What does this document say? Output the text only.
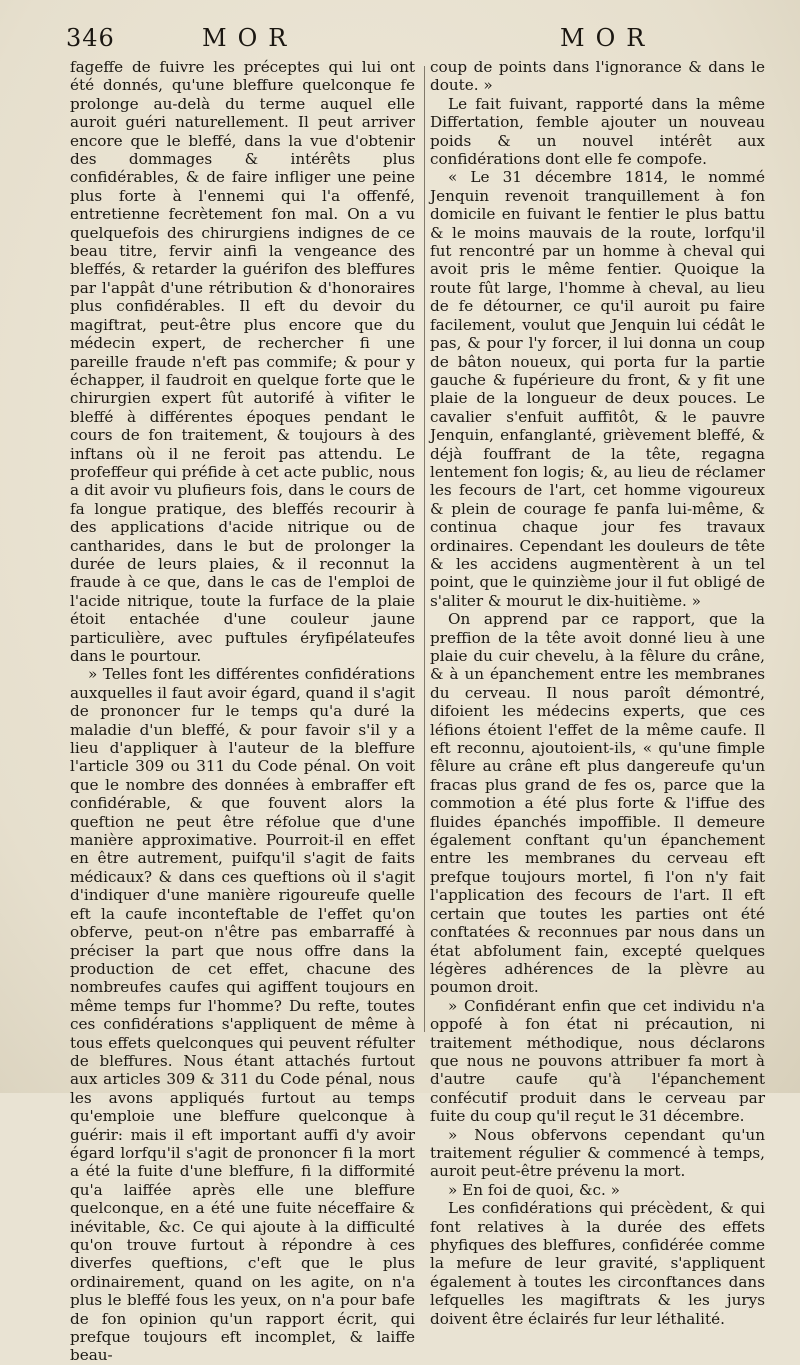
346	MOR	MOR

fageffe de fuivre les préceptes qui lui ont été donnés, qu'une bleffure quelconque fe prolonge au-delà du terme auquel elle auroit guéri naturellement. Il peut arriver encore que le bleffé, dans la vue d'obtenir des dommages & intérêts plus confidérables, & de faire infliger une peine plus forte à l'ennemi qui l'a offenfé, entretienne fecrètement fon mal. On a vu quelquefois des chirurgiens indignes de ce beau titre, fervir ainfi la vengeance des bleffés, & retarder la guérifon des bleffures par l'appât d'une rétribution & d'honoraires plus confidérables. Il eft du devoir du magiftrat, peut-être plus encore que du médecin expert, de rechercher fi une pareille fraude n'eft pas commife; & pour y échapper, il faudroit en quelque forte que le chirurgien expert fût autorifé à vifiter le bleffé à différentes époques pendant le cours de fon traitement, & toujours à des inftans où il ne feroit pas attendu. Le profeffeur qui préfide à cet acte public, nous a dit avoir vu plufieurs fois, dans le cours de fa longue pratique, des bleffés recourir à des applications d'acide nitrique ou de cantharides, dans le but de prolonger la durée de leurs plaies, & il reconnut la fraude à ce que, dans le cas de l'emploi de l'acide nitrique, toute la furface de la plaie étoit entachée d'une couleur jaune particulière, avec puftules éryfipélateufes dans le pourtour.

» Telles font les différentes confidérations auxquelles il faut avoir égard, quand il s'agit de prononcer fur le temps qu'a duré la maladie d'un bleffé, & pour favoir s'il y a lieu d'appliquer à l'auteur de la bleffure l'article 309 ou 311 du Code pénal. On voit que le nombre des données à embraffer eft confidérable, & que fouvent alors la queftion ne peut être réfolue que d'une manière approximative. Pourroit-il en effet en être autrement, puifqu'il s'agit de faits médicaux? & dans ces queftions où il s'agit d'indiquer d'une manière rigoureufe quelle eft la caufe inconteftable de l'effet qu'on obferve, peut-on n'être pas embarraffé à préciser la part que nous offre dans la production de cet effet, chacune des nombreufes caufes qui agiffent toujours en même temps fur l'homme? Du refte, toutes ces confidérations s'appliquent de même à tous effets quelconques qui peuvent réfulter de bleffures. Nous étant attachés furtout aux articles 309 & 311 du Code pénal, nous les avons appliqués furtout au temps qu'emploie une bleffure quelconque à guérir: mais il eft important auffi d'y avoir égard lorfqu'il s'agit de prononcer fi la mort a été la fuite d'une bleffure, fi la difformité qu'a laiffée après elle une bleffure quelconque, en a été une fuite néceffaire & inévitable, &c. Ce qui ajoute à la difficulté qu'on trouve furtout à répondre à ces diverfes queftions, c'eft que le plus ordinairement, quand on les agite, on n'a plus le bleffé fous les yeux, on n'a pour bafe de fon opinion qu'un rapport écrit, qui prefque toujours eft incomplet, & laiffe beau-

coup de points dans l'ignorance & dans le doute. »

Le fait fuivant, rapporté dans la même Differtation, femble ajouter un nouveau poids & un nouvel intérêt aux confidérations dont elle fe compofe.

« Le 31 décembre 1814, le nommé Jenquin revenoit tranquillement à fon domicile en fuivant le fentier le plus battu & le moins mauvais de la route, lorfqu'il fut rencontré par un homme à cheval qui avoit pris le même fentier. Quoique la route fût large, l'homme à cheval, au lieu de fe détourner, ce qu'il auroit pu faire facilement, voulut que Jenquin lui cédât le pas, & pour l'y forcer, il lui donna un coup de bâton noueux, qui porta fur la partie gauche & fupérieure du front, & y fit une plaie de la longueur de deux pouces. Le cavalier s'enfuit auffitôt, & le pauvre Jenquin, enfanglanté, grièvement bleffé, & déjà fouffrant de la tête, regagna lentement fon logis; &, au lieu de réclamer les fecours de l'art, cet homme vigoureux & plein de courage fe panfa lui-même, & continua chaque jour fes travaux ordinaires. Cependant les douleurs de tête & les accidens augmentèrent à un tel point, que le quinzième jour il fut obligé de s'aliter & mourut le dix-huitième. »

On apprend par ce rapport, que la preffion de la tête avoit donné lieu à une plaie du cuir chevelu, à la fêlure du crâne, & à un épanchement entre les membranes du cerveau. Il nous paroît démontré, difoient les médecins experts, que ces léfions étoient l'effet de la même caufe. Il eft reconnu, ajoutoient-ils, « qu'une fimple fêlure au crâne eft plus dangereufe qu'un fracas plus grand de fes os, parce que la commotion a été plus forte & l'iffue des fluides épanchés impoffible. Il demeure également conftant qu'un épanchement entre les membranes du cerveau eft prefque toujours mortel, fi l'on n'y fait l'application des fecours de l'art. Il eft certain que toutes les parties ont été conftatées & reconnues par nous dans un état abfolument fain, excepté quelques légères adhérences de la plèvre au poumon droit.

» Confidérant enfin que cet individu n'a oppofé à fon état ni précaution, ni traitement méthodique, nous déclarons que nous ne pouvons attribuer fa mort à d'autre caufe qu'à l'épanchement confécutif produit dans le cerveau par fuite du coup qu'il reçut le 31 décembre.

» Nous obfervons cependant qu'un traitement régulier & commencé à temps, auroit peut-être prévenu la mort.

» En foi de quoi, &c. »

Les confidérations qui précèdent, & qui font relatives à la durée des effets phyfiques des bleffures, confidérée comme la mefure de leur gravité, s'appliquent également à toutes les circonftances dans lefquelles les magiftrats & les jurys doivent être éclairés fur leur léthalité.
